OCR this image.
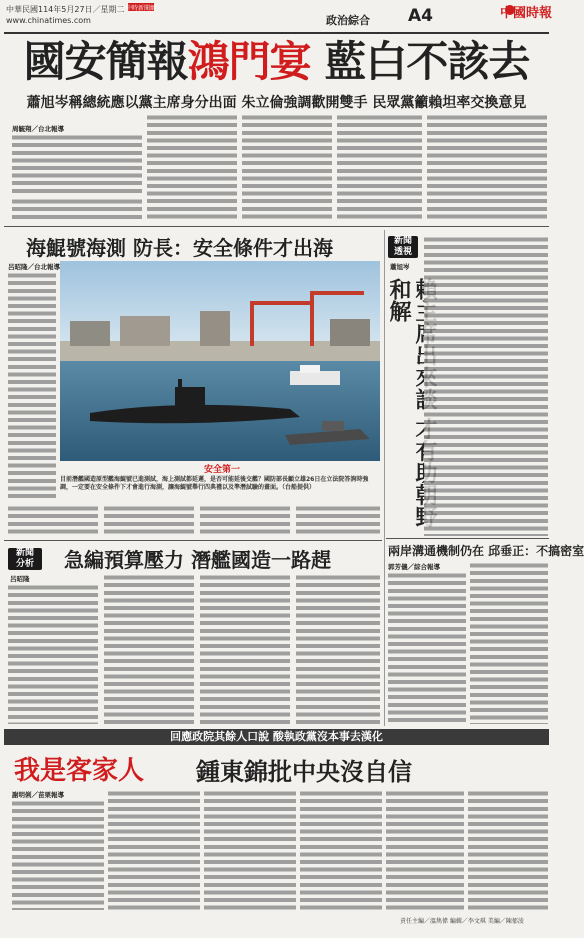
中華民國114年5月27日／星期二
www.chinatimes.com
中時新聞網
政治綜合 A4	中國時報
國安簡報鴻門宴 藍白不該去
蕭旭岑稱總統應以黨主席身分出面 朱立倫強調歡開雙手 民眾黨籲賴坦率交換意見
周毓翔／台北報導
海鯤號海測 防長：安全條件才出海
呂昭隆／台北報導
安全第一
目前潛艦國造原型艦海鯤號已進測試，海上測試都延遲，是否可能延後交艦？國防部長顧立雄26日在立法院答詢時強調，一定要在安全條件下才會進行海測，讓海鯤號舉行四典禮以及準潛試驗的畫面。（台船提供）
新聞
分析
呂昭隆
急編預算壓力 潛艦國造一路趕
新聞
透視
蕭旭岑
和解
兩岸溝通機制仍在 邱垂正：不搞密室
郭芳儀／綜合報導
回應政院其餘人口說 酸執政黨沒本事去漢化
我是客家人 鍾東錦批中央沒自信
謝明俐／苗栗報導
責任主編／溫雋偉 編輯／李文琪 美編／陳郁淩
